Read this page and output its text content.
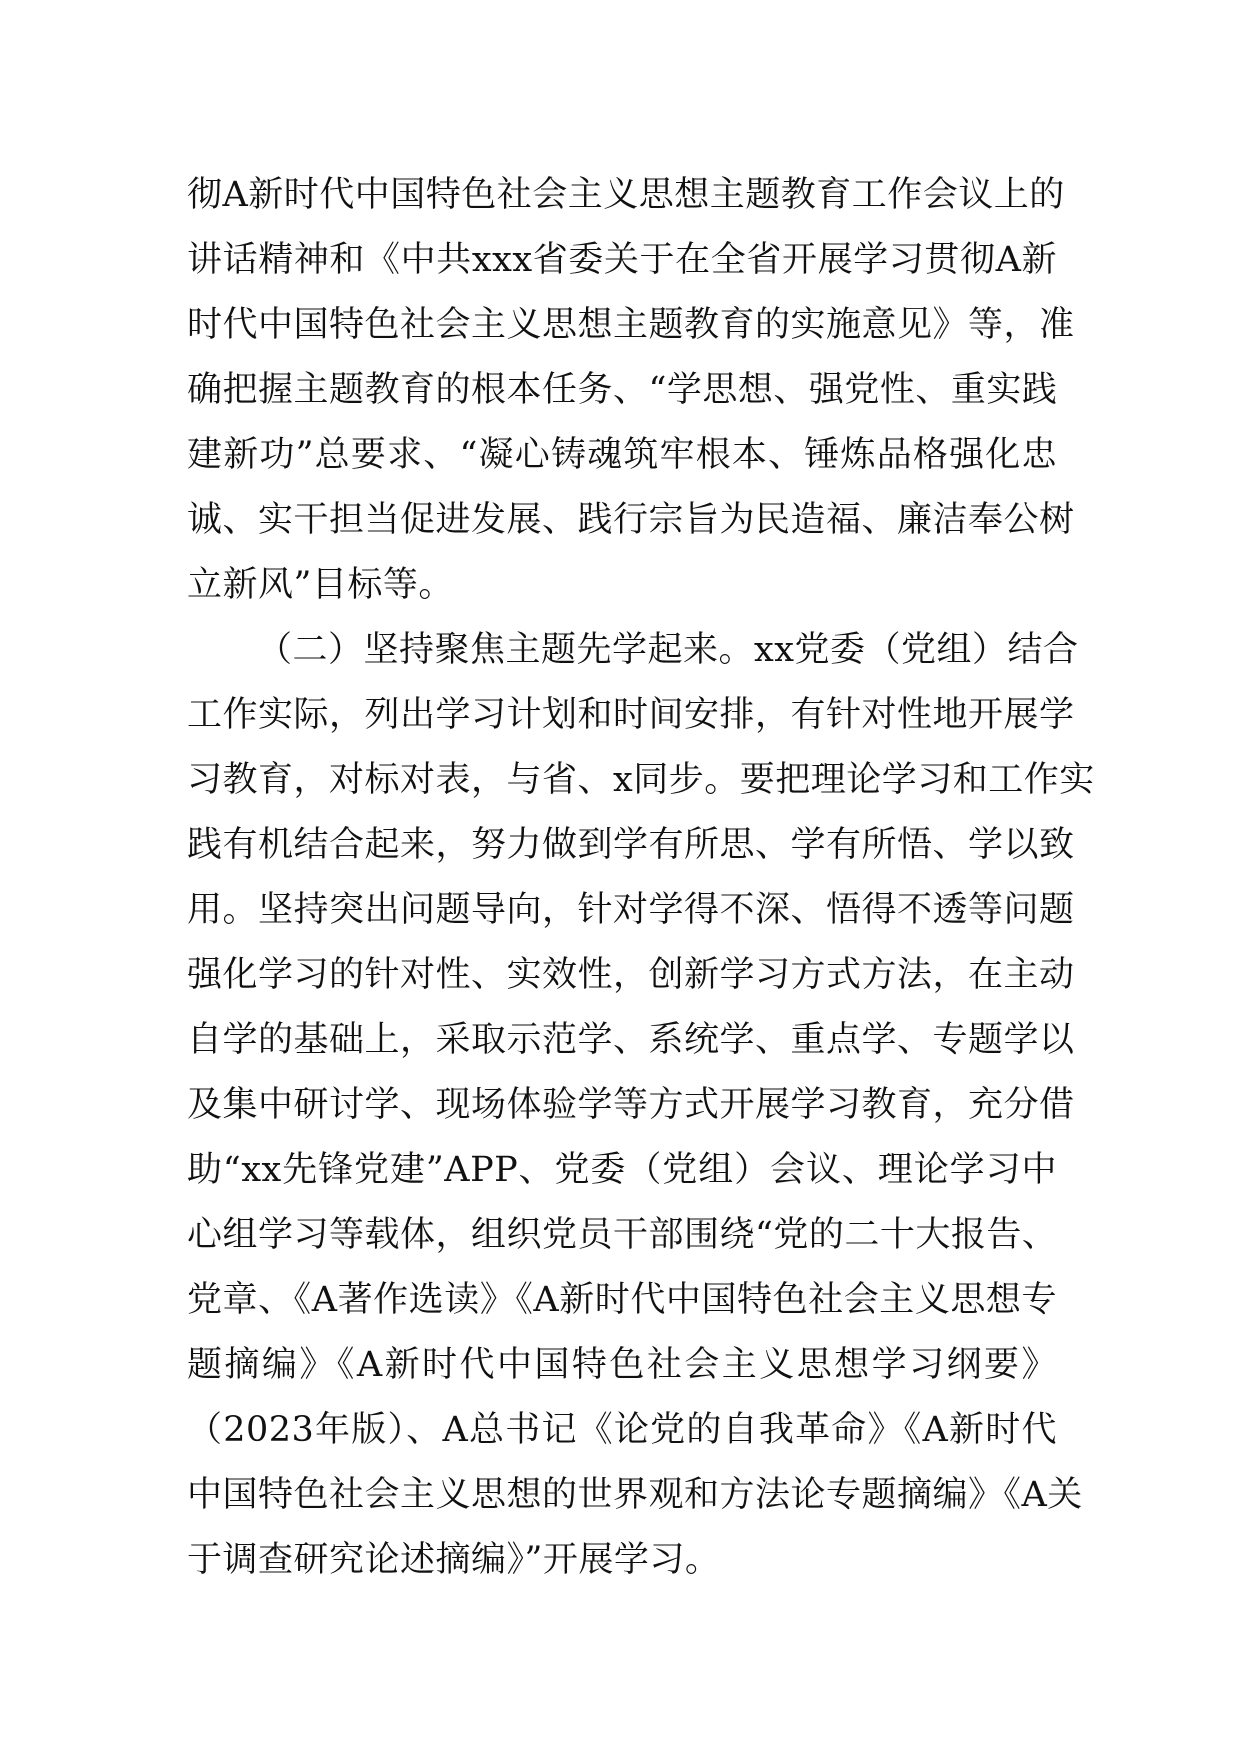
彻A新时代中国特色社会主义思想主题教育工作会议上的
讲话精神和《中共xxx省委关于在全省开展学习贯彻A新
时代中国特色社会主义思想主题教育的实施意见》等，准
确把握主题教育的根本任务、“学思想、强党性、重实践
建新功”总要求、“凝心铸魂筑牢根本、锤炼品格强化忠
诚、实干担当促进发展、践行宗旨为民造福、廉洁奉公树
立新风”目标等。
（二）坚持聚焦主题先学起来。xx党委（党组）结合
工作实际，列出学习计划和时间安排，有针对性地开展学
习教育，对标对表，与省、x同步。要把理论学习和工作实
践有机结合起来，努力做到学有所思、学有所悟、学以致
用。坚持突出问题导向，针对学得不深、悟得不透等问题
强化学习的针对性、实效性，创新学习方式方法，在主动
自学的基础上，采取示范学、系统学、重点学、专题学以
及集中研讨学、现场体验学等方式开展学习教育，充分借
助“xx先锋党建”APP、党委（党组）会议、理论学习中
心组学习等载体，组织党员干部围绕“党的二十大报告、
党章、《A著作选读》《A新时代中国特色社会主义思想专
题摘编》《A新时代中国特色社会主义思想学习纲要》
（2023年版）、A总书记《论党的自我革命》《A新时代
中国特色社会主义思想的世界观和方法论专题摘编》《A关
于调查研究论述摘编》”开展学习。
